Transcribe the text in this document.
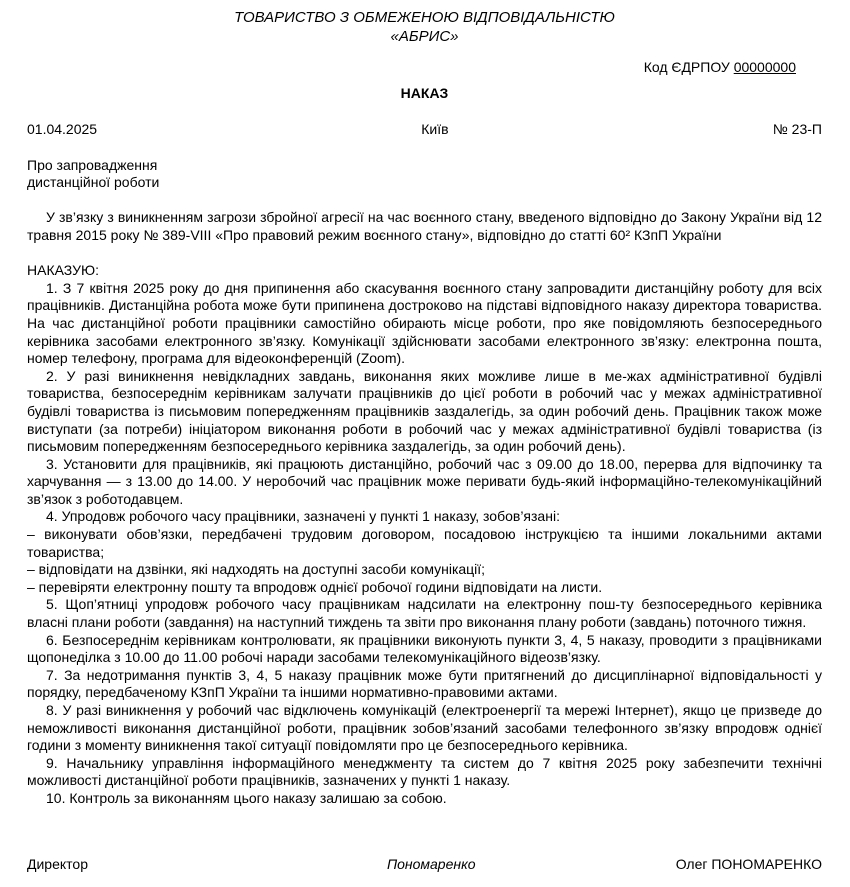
ТОВАРИСТВО З ОБМЕЖЕНОЮ ВІДПОВІДАЛЬНІСТЮ
«АБРИС»
Код ЄДРПОУ 00000000
НАКАЗ
01.04.2025	Київ	№ 23-П
Про запровадження
дистанційної роботи
У зв’язку з виникненням загрози збройної агресії на час воєнного стану, введеного відповідно до Закону України від 12 травня 2015 року № 389-VIII «Про правовий режим воєнного стану», відповідно до статті 60² КЗпП України
НАКАЗУЮ:
1. З 7 квітня 2025 року до дня припинення або скасування воєнного стану запровадити дистанційну роботу для всіх працівників. Дистанційна робота може бути припинена достроково на підставі відповідного наказу директора товариства. На час дистанційної роботи працівники самостійно обирають місце роботи, про яке повідомляють безпосереднього керівника засобами електронного зв’язку. Комунікації здійснювати засобами електронного зв’язку: електронна пошта, номер телефону, програма для відеоконференцій (Zoom).
2. У разі виникнення невідкладних завдань, виконання яких можливе лише в ме-жах адміністративної будівлі товариства, безпосереднім керівникам залучати працівників до цієї роботи в робочий час у межах адміністративної будівлі товариства із письмовим попередженням працівників заздалегідь, за один робочий день. Працівник також може виступати (за потреби) ініціатором виконання роботи в робочий час у межах адміністративної будівлі товариства (із письмовим попередженням безпосереднього керівника заздалегідь, за один робочий день).
3. Установити для працівників, які працюють дистанційно, робочий час з 09.00 до 18.00, перерва для відпочинку та харчування — з 13.00 до 14.00. У неробочий час працівник може перивати будь-який інформаційно-телекомунікаційний зв’язок з роботодавцем.
4. Упродовж робочого часу працівники, зазначені у пункті 1 наказу, зобов’язані:
– виконувати обов’язки, передбачені трудовим договором, посадовою інструкцією та іншими локальними актами товариства;
– відповідати на дзвінки, які надходять на доступні засоби комунікації;
– перевіряти електронну пошту та впродовж однієї робочої години відповідати на листи.
5. Щоп’ятниці упродовж робочого часу працівникам надсилати на електронну пош-ту безпосереднього керівника власні плани роботи (завдання) на наступний тиждень та звіти про виконання плану роботи (завдань) поточного тижня.
6. Безпосереднім керівникам контролювати, як працівники виконують пункти 3, 4, 5 наказу, проводити з працівниками щопонеділка з 10.00 до 11.00 робочі наради засобами телекомунікаційного відеозв’язку.
7. За недотримання пунктів 3, 4, 5 наказу працівник може бути притягнений до дисциплінарної відповідальності у порядку, передбаченому КЗпП України та іншими нормативно-правовими актами.
8. У разі виникнення у робочий час відключень комунікацій (електроенергії та мережі Інтернет), якщо це призведе до неможливості виконання дистанційної роботи, працівник зобов’язаний засобами телефонного зв’язку впродовж однієї години з моменту виникнення такої ситуації повідомляти про це безпосереднього керівника.
9. Начальнику управління інформаційного менеджменту та систем до 7 квітня 2025 року забезпечити технічні можливості дистанційної роботи працівників, зазначених у пункті 1 наказу.
10. Контроль за виконанням цього наказу залишаю за собою.
Директор	Пономаренко	Олег ПОНОМАРЕНКО
